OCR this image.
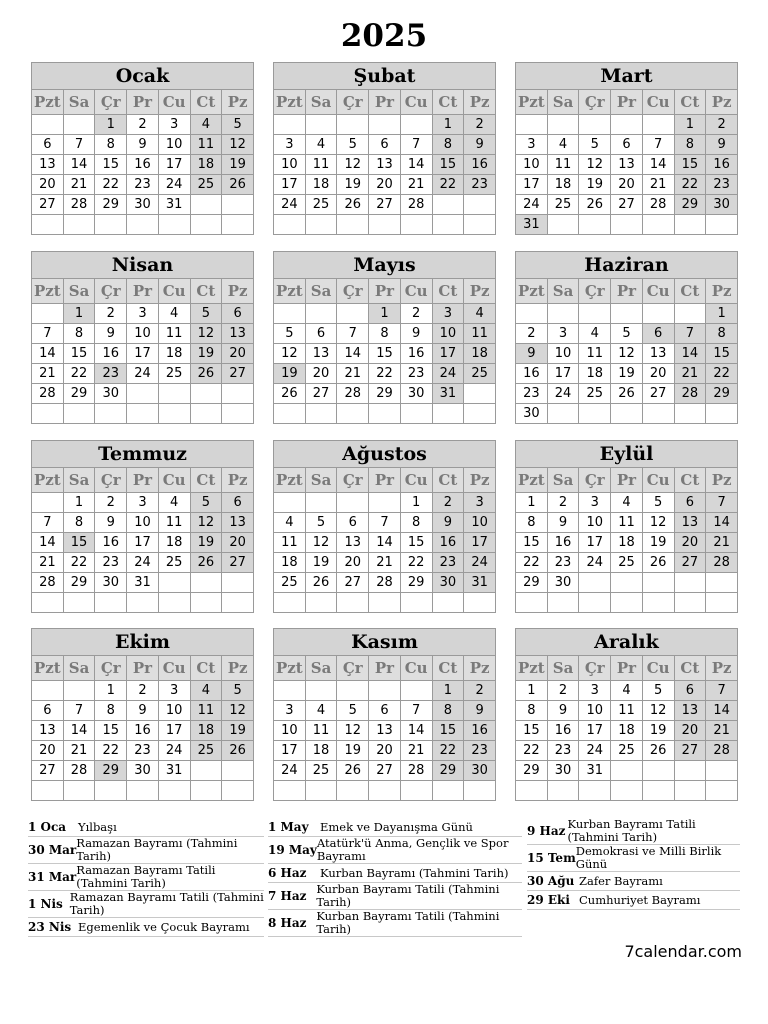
2025
Ocak						
Pzt	Sa	Çr	Pr	Cu	Ct	Pz
		1	2	3	4	5
6	7	8	9	10	11	12
13	14	15	16	17	18	19
20	21	22	23	24	25	26
27	28	29	30	31		

Şubat						
Pzt	Sa	Çr	Pr	Cu	Ct	Pz
					1	2
3	4	5	6	7	8	9
10	11	12	13	14	15	16
17	18	19	20	21	22	23
24	25	26	27	28		

Mart						
Pzt	Sa	Çr	Pr	Cu	Ct	Pz
					1	2
3	4	5	6	7	8	9
10	11	12	13	14	15	16
17	18	19	20	21	22	23
24	25	26	27	28	29	30
31						
Nisan						
Pzt	Sa	Çr	Pr	Cu	Ct	Pz
	1	2	3	4	5	6
7	8	9	10	11	12	13
14	15	16	17	18	19	20
21	22	23	24	25	26	27
28	29	30				

Mayıs						
Pzt	Sa	Çr	Pr	Cu	Ct	Pz
			1	2	3	4
5	6	7	8	9	10	11
12	13	14	15	16	17	18
19	20	21	22	23	24	25
26	27	28	29	30	31	

Haziran						
Pzt	Sa	Çr	Pr	Cu	Ct	Pz
						1
2	3	4	5	6	7	8
9	10	11	12	13	14	15
16	17	18	19	20	21	22
23	24	25	26	27	28	29
30						
Temmuz						
Pzt	Sa	Çr	Pr	Cu	Ct	Pz
	1	2	3	4	5	6
7	8	9	10	11	12	13
14	15	16	17	18	19	20
21	22	23	24	25	26	27
28	29	30	31			

Ağustos						
Pzt	Sa	Çr	Pr	Cu	Ct	Pz
				1	2	3
4	5	6	7	8	9	10
11	12	13	14	15	16	17
18	19	20	21	22	23	24
25	26	27	28	29	30	31

Eylül						
Pzt	Sa	Çr	Pr	Cu	Ct	Pz
1	2	3	4	5	6	7
8	9	10	11	12	13	14
15	16	17	18	19	20	21
22	23	24	25	26	27	28
29	30					

Ekim						
Pzt	Sa	Çr	Pr	Cu	Ct	Pz
		1	2	3	4	5
6	7	8	9	10	11	12
13	14	15	16	17	18	19
20	21	22	23	24	25	26
27	28	29	30	31		

Kasım						
Pzt	Sa	Çr	Pr	Cu	Ct	Pz
					1	2
3	4	5	6	7	8	9
10	11	12	13	14	15	16
17	18	19	20	21	22	23
24	25	26	27	28	29	30

Aralık						
Pzt	Sa	Çr	Pr	Cu	Ct	Pz
1	2	3	4	5	6	7
8	9	10	11	12	13	14
15	16	17	18	19	20	21
22	23	24	25	26	27	28
29	30	31				

1 Oca	Yılbaşı
30 Mar Ramazan Bayramı (Tahmini Tarih)
31 Mar Ramazan Bayramı Tatili (Tahmini Tarih)
1 Nis Ramazan Bayramı Tatili (Tahmini Tarih)
23 Nis Egemenlik ve Çocuk Bayramı
1 May Emek ve Dayanışma Günü
19 May Atatürk'ü Anma, Gençlik ve Spor Bayramı
6 Haz	Kurban Bayramı (Tahmini Tarih)
7 Haz Kurban Bayramı Tatili (Tahmini Tarih)
8 Haz Kurban Bayramı Tatili (Tahmini Tarih)
9 Haz Kurban Bayramı Tatili (Tahmini Tarih)
15 Tem Demokrasi ve Milli Birlik Günü
30 Ağu Zafer Bayramı
29 Eki Cumhuriyet Bayramı
7calendar.com
